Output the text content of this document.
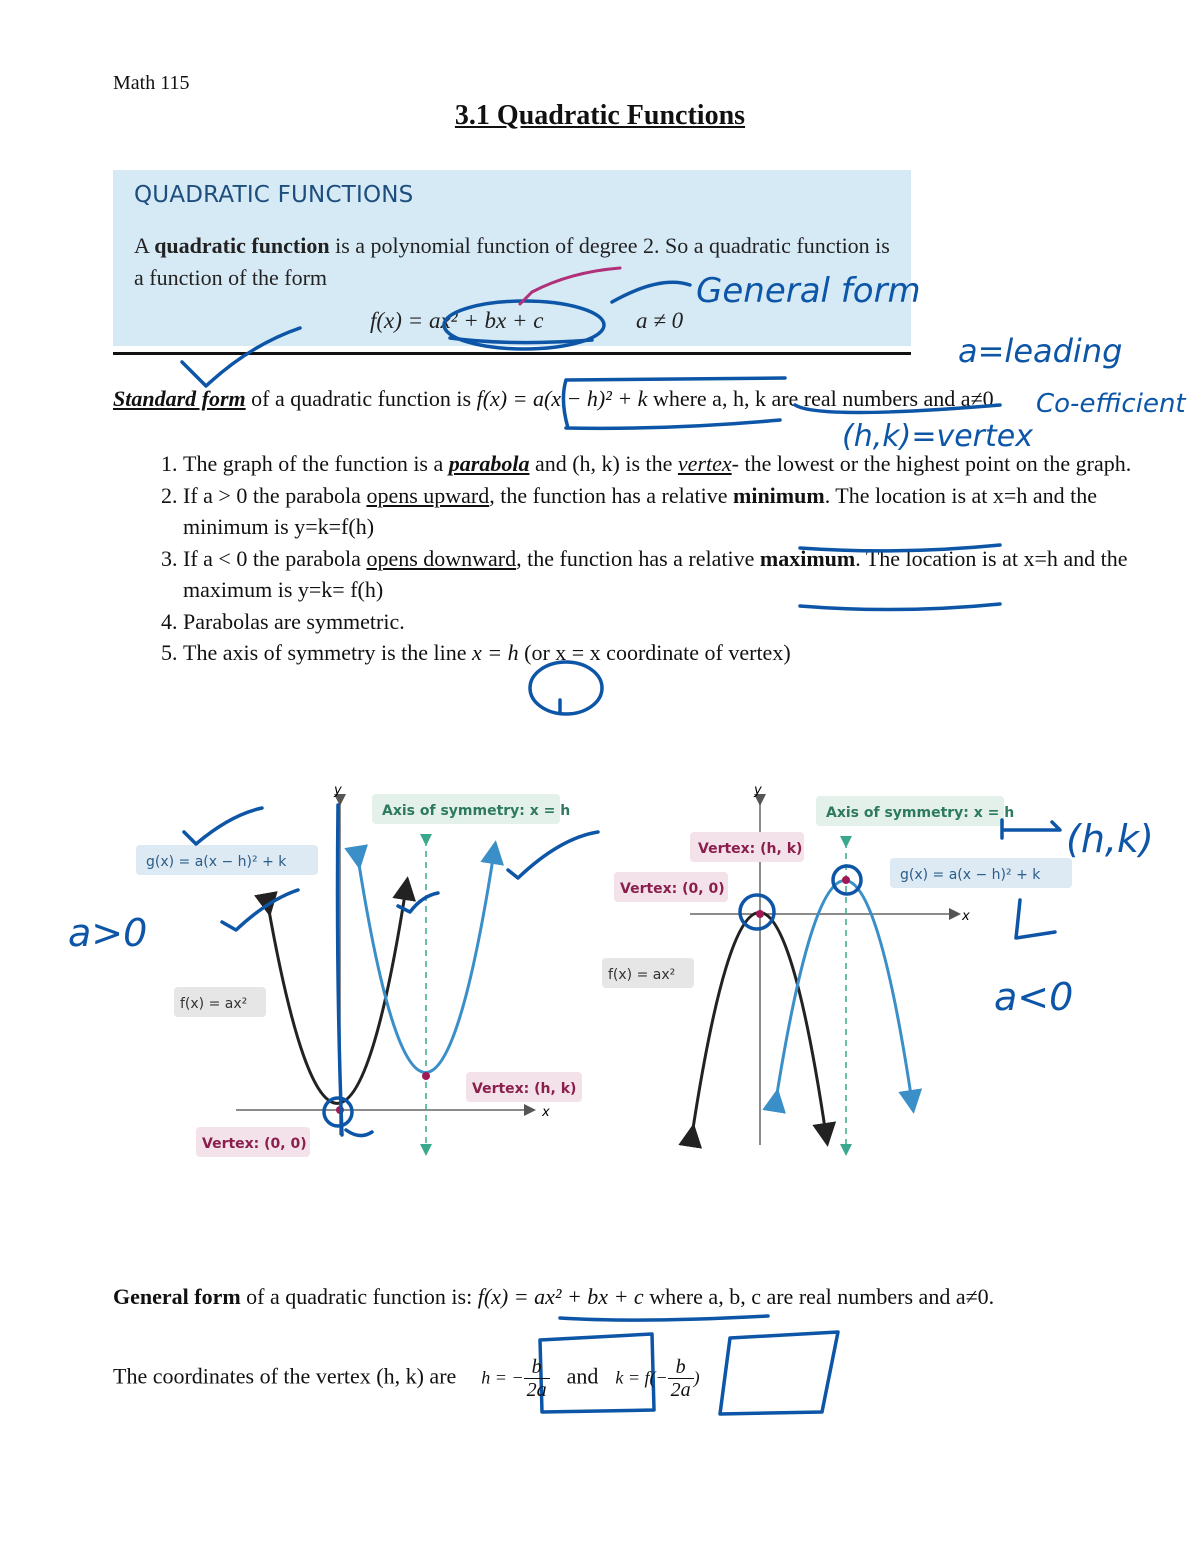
Math 115
3.1 Quadratic Functions
QUADRATIC FUNCTIONS
A quadratic function is a polynomial function of degree 2. So a quadratic function is a function of the form
f(x) = ax² + bx + c	a ≠ 0
Standard form of a quadratic function is f(x) = a(x − h)² + k where a, h, k are real numbers and a≠0.
1. The graph of the function is a parabola and (h, k) is the vertex- the lowest or the highest point on the graph.
2. If a > 0 the parabola opens upward, the function has a relative minimum. The location is at x=h and the minimum is y=k=f(h)
3. If a < 0 the parabola opens downward, the function has a relative maximum. The location is at x=h and the maximum is y=k= f(h)
4. Parabolas are symmetric.
5. The axis of symmetry is the line x = h (or x = x coordinate of vertex)
y
x
Axis of symmetry: x = h
g(x) = a(x − h)² + k
f(x) = ax²
Vertex: (h, k)
Vertex: (0, 0)
y
x
Axis of symmetry: x = h
Vertex: (h, k)
Vertex: (0, 0)
g(x) = a(x − h)² + k
f(x) = ax²
General form
a=leading
Co-efficient
(h,k)=vertex
a>0
(h,k)
a<0
General form of a quadratic function is: f(x) = ax² + bx + c where a, b, c are real numbers and a≠0.
The coordinates of the vertex (h, k) are h = − $\frac{b}{2a}$ and $k = f(- \frac{b}{2a}$ )
